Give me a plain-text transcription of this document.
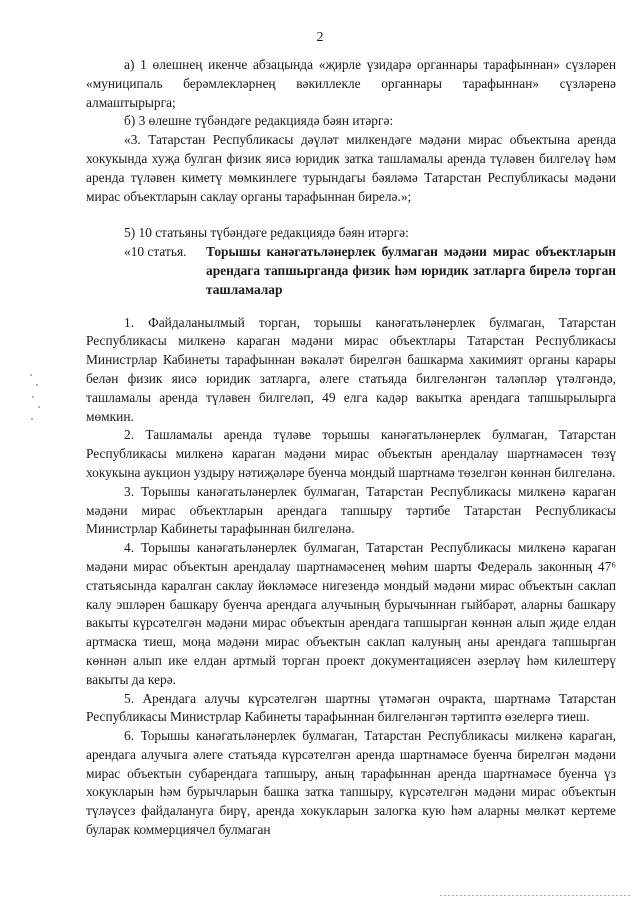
2

а) 1 өлешнең икенче абзацында «җирле үзидарә органнары тарафыннан» сүзләрен «муниципаль берәмлекләрнең вәкиллекле органнары тарафыннан» сүзләренә алмаштырырга;

б) 3 өлешне түбәндәге редакциядә бәян итәргә:

«3. Татарстан Республикасы дәүләт милкендәге мәдәни мирас объектына аренда хокукында хуҗа булган физик яисә юридик затка ташламалы аренда түләвен билгеләү һәм аренда түләвен киметү мөмкинлеге турындагы бәяләмә Татарстан Республикасы мәдәни мирас объектларын саклау органы тарафыннан бирелә.»;

5) 10 статьяны түбәндәге редакциядә бәян итәргә:

«10 статья.	Торышы канәгатьләнерлек булмаган мәдәни мирас объектларын арендага тапшырганда физик һәм юридик затларга бирелә торган ташламалар

1. Файдаланылмый торган, торышы канәгатьләнерлек булмаган, Татарстан Республикасы милкенә караган мәдәни мирас объектлары Татарстан Республикасы Министрлар Кабинеты тарафыннан вәкаләт бирелгән башкарма хакимият органы карары белән физик яисә юридик затларга, әлеге статьяда билгеләнгән таләпләр үтәлгәндә, ташламалы аренда түләвен билгеләп, 49 елга кадәр вакытка арендага тапшырылырга мөмкин.

2. Ташламалы аренда түләве торышы канәгатьләнерлек булмаган, Татарстан Республикасы милкенә караган мәдәни мирас объектын арендалау шартнамәсен төзү хокукына аукцион уздыру нәтиҗәләре буенча мондый шартнамә төзелгән көннән билгеләнә.

3. Торышы канәгатьләнерлек булмаган, Татарстан Республикасы милкенә караган мәдәни мирас объектларын арендага тапшыру тәртибе Татарстан Республикасы Министрлар Кабинеты тарафыннан билгеләнә.

4. Торышы канәгатьләнерлек булмаган, Татарстан Республикасы милкенә караган мәдәни мирас объектын арендалау шартнамәсенең мөһим шарты Федераль законның 47⁶ статьясында каралган саклау йөкләмәсе нигезендә мондый мәдәни мирас объектын саклап калу эшләрен башкару буенча арендага алучының бурычыннан гыйбарәт, аларны башкару вакыты күрсәтелгән мәдәни мирас объектын арендага тапшырган көннән алып җиде елдан артмаска тиеш, моңа мәдәни мирас объектын саклап калуның аны арендага тапшырган көннән алып ике елдан артмый торган проект документациясен әзерләү һәм килештерү вакыты да керә.

5. Арендага алучы күрсәтелгән шартны үтәмәгән очракта, шартнамә Татарстан Республикасы Министрлар Кабинеты тарафыннан билгеләнгән тәртиптә өзелергә тиеш.

6. Торышы канәгатьләнерлек булмаган, Татарстан Республикасы милкенә караган, арендага алучыга әлеге статьяда күрсәтелгән аренда шартнамәсе буенча бирелгән мәдәни мирас объектын субарендага тапшыру, аның тарафыннан аренда шартнамәсе буенча үз хокукларын һәм бурычларын башка затка тапшыру, күрсәтелгән мәдәни мирас объектын түләүсез файдалануга бирү, аренда хокукларын залогка кую һәм аларны мөлкәт кертеме буларак коммерциячел булмаган
